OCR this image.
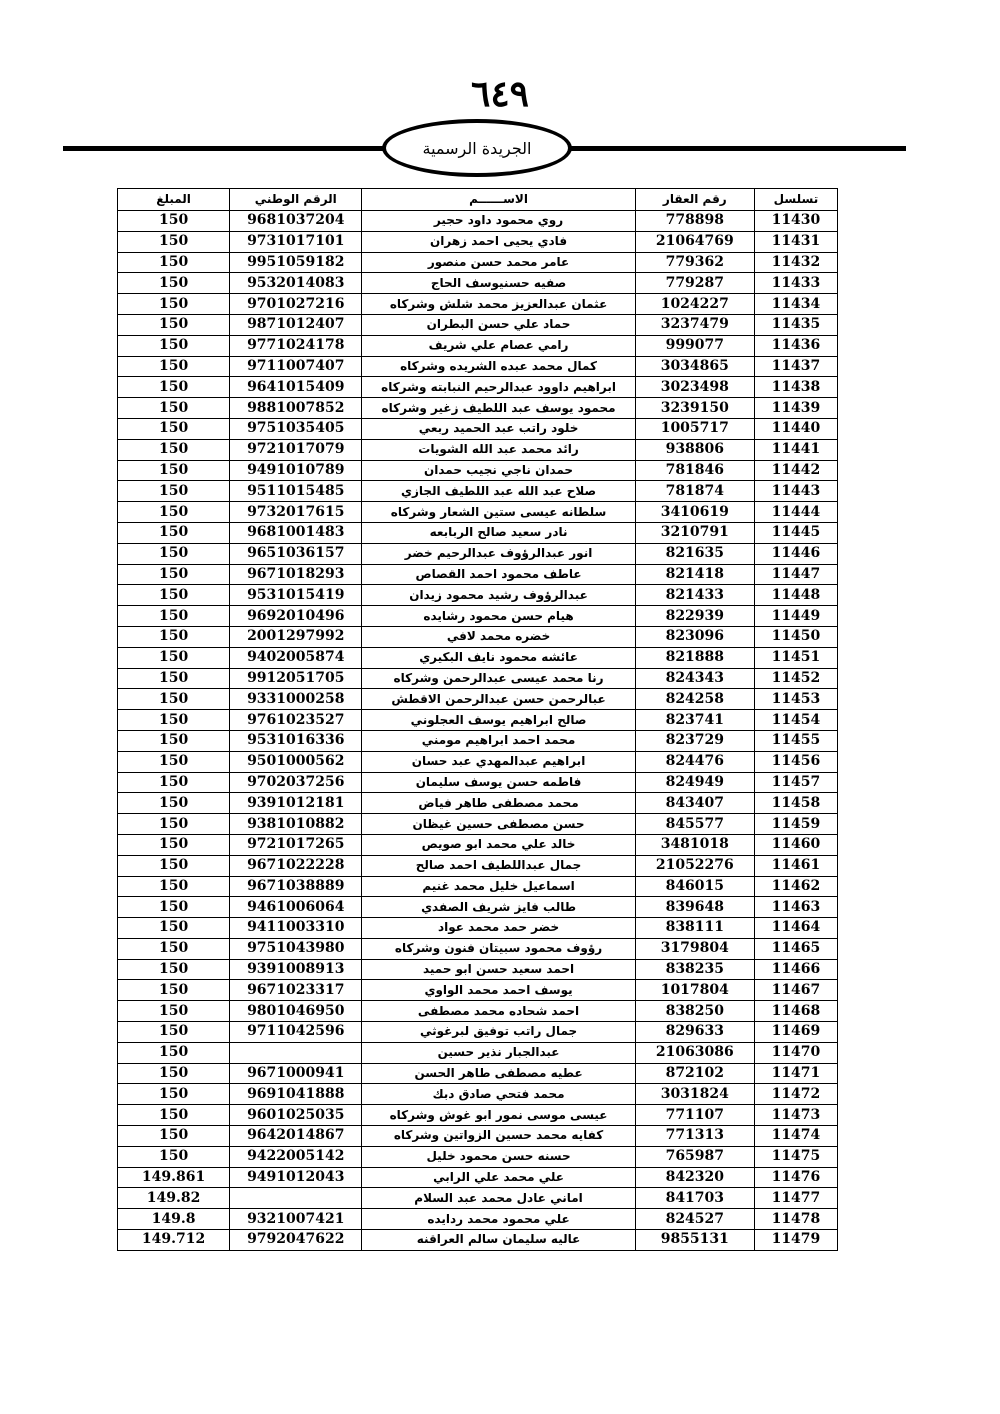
٦٤٩
الجريدة الرسمية
تسلسل	رقم العقار	الاســــــم	الرقم الوطني	المبلغ
11430	778898	روي محمود داود حجير	9681037204	150
11431	21064769	فادي يحيى احمد زهران	9731017101	150
11432	779362	عامر محمد حسن منصور	9951059182	150
11433	779287	صفيه حسنيوسف الحاج	9532014083	150
11434	1024227	عثمان عبدالعزيز محمد شلش وشركاه	9701027216	150
11435	3237479	حماد علي حسن البطران	9871012407	150
11436	999077	رامي عصام علي شريف	9771024178	150
11437	3034865	كمال محمد عبده الشريده وشركاه	9711007407	150
11438	3023498	ابراهيم داوود عبدالرحيم النبابته وشركاه	9641015409	150
11439	3239150	محمود يوسف عبد اللطيف زغير وشركاه	9881007852	150
11440	1005717	خلود راتب عبد الحميد ربعي	9751035405	150
11441	938806	رائد محمد عبد الله الشويات	9721017079	150
11442	781846	حمدان ناجي نجيب حمدان	9491010789	150
11443	781874	صلاح عبد الله عبد اللطيف الجازي	9511015485	150
11444	3410619	سلطانه عيسى ستين الشعار وشركاه	9732017615	150
11445	3210791	نادر سعيد صالح الربابعه	9681001483	150
11446	821635	انور عبدالرؤوف عبدالرحيم خضر	9651036157	150
11447	821418	عاطف محمود احمد القصاص	9671018293	150
11448	821433	عبدالرؤوف رشيد محمود زيدان	9531015419	150
11449	822939	هيام حسن محمود رشايده	9692010496	150
11450	823096	خضره محمد لافي	2001297992	150
11451	821888	عائشه محمود نايف البكيري	9402005874	150
11452	824343	رنا محمد عيسى عبدالرحمن وشركاه	9912051705	150
11453	824258	عبالرحمن حسن عبدالرحمن الاقطش	9331000258	150
11454	823741	صالح ابراهيم يوسف العجلوني	9761023527	150
11455	823729	محمد احمد ابراهيم مومني	9531016336	150
11456	824476	ابراهيم عبدالمهدي عبد حسان	9501000562	150
11457	824949	فاطمه حسن يوسف سليمان	9702037256	150
11458	843407	محمد مصطفى طاهر فياض	9391012181	150
11459	845577	حسن مصطفى حسين غيظان	9381010882	150
11460	3481018	خالد علي محمد ابو صويص	9721017265	150
11461	21052276	جمال عبداللطيف احمد صالح	9671022228	150
11462	846015	اسماعيل خليل محمد غنيم	9671038889	150
11463	839648	طالب فايز شريف الصفدي	9461006064	150
11464	838111	خضر حمد محمد عواد	9411003310	150
11465	3179804	رؤوف محمود سبيتان فنون وشركاه	9751043980	150
11466	838235	احمد سعيد حسن ابو حميد	9391008913	150
11467	1017804	يوسف احمد محمد الواوي	9671023317	150
11468	838250	احمد شحاده محمد مصطفى	9801046950	150
11469	829633	جمال راتب توفيق لبرغوثي	9711042596	150
11470	21063086	عبدالجبار نذير حسين		150
11471	872102	عطيه مصطفى طاهر الحسن	9671000941	150
11472	3031824	محمد فتحي صادق دبك	9691041888	150
11473	771107	عيسى موسى نمور ابو غوش وشركاه	9601025035	150
11474	771313	كفايه محمد حسين الزواتين وشركاه	9642014867	150
11475	765987	حسنه حسن محمود خليل	9422005142	150
11476	842320	علي محمد علي الرابي	9491012043	149.861
11477	841703	اماني عادل محمد عبد السلام		149.82
11478	824527	علي محمود محمد ردايده	9321007421	149.8
11479	9855131	عاليه سليمان سالم العراقنه	9792047622	149.712
